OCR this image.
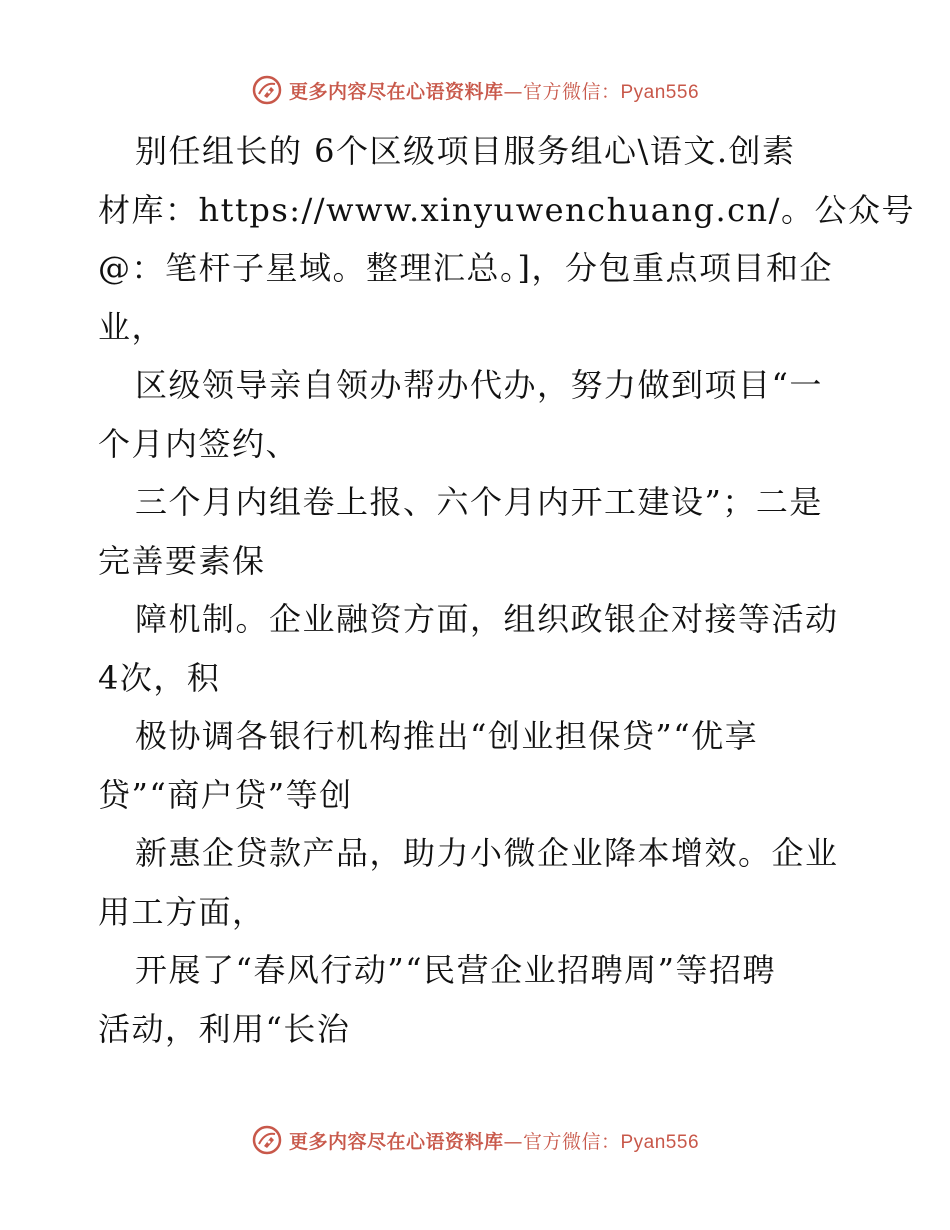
更多内容尽在心语资料库—官方微信：Pyan556
别任组长的 6个区级项目服务组心\语文.创素
材库：https://www.xinyuwenchuang.cn/。公众号
@：笔杆子星域。整理汇总。]，分包重点项目和企
业，
区级领导亲自领办帮办代办，努力做到项目“一
个月内签约、
三个月内组卷上报、六个月内开工建设”；二是
完善要素保
障机制。企业融资方面，组织政银企对接等活动
4次，积
极协调各银行机构推出“创业担保贷”“优享
贷”“商户贷”等创
新惠企贷款产品，助力小微企业降本增效。企业
用工方面，
开展了“春风行动”“民营企业招聘周”等招聘
活动，利用“长治
更多内容尽在心语资料库—官方微信：Pyan556
